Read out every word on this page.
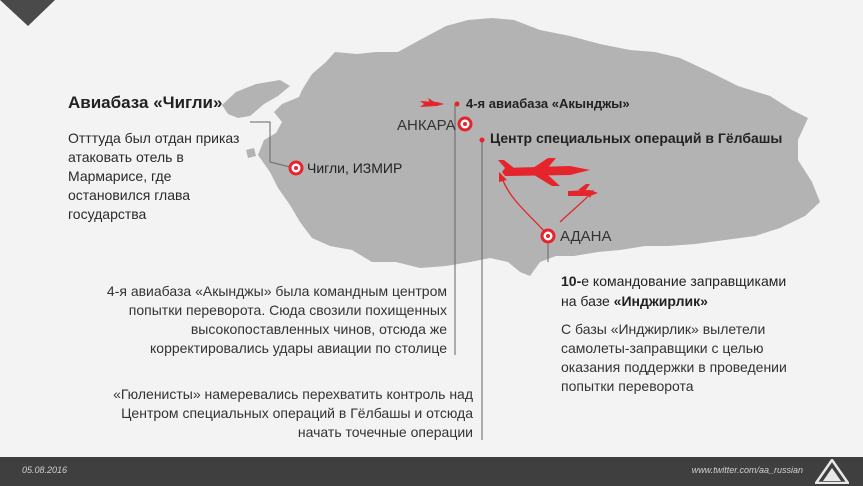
Авиабаза «Чигли»
Отттуда был отдан приказ
атаковать отель в
Мармарисе, где
остановился глава
государства
Чигли, ИЗМИР
4-я авиабаза «Акынджы»
АНКАРА
Центр специальных операций в Гёлбашы
АДАНА
4-я авиабаза «Акынджы» была командным центром
попытки переворота. Сюда свозили похищенных
высокопоставленных чинов, отсюда же
корректировались удары авиации по столице
«Гюленисты» намеревались перехватить контроль над
Центром специальных операций в Гёлбашы и отсюда
начать точечные операции
10-е командование заправщиками
на базе «Инджирлик»
С базы «Инджирлик» вылетели
самолеты-заправщики с целью
оказания поддержки в проведении
попытки переворота
05.08.2016	www.twitter.com/aa_russian
